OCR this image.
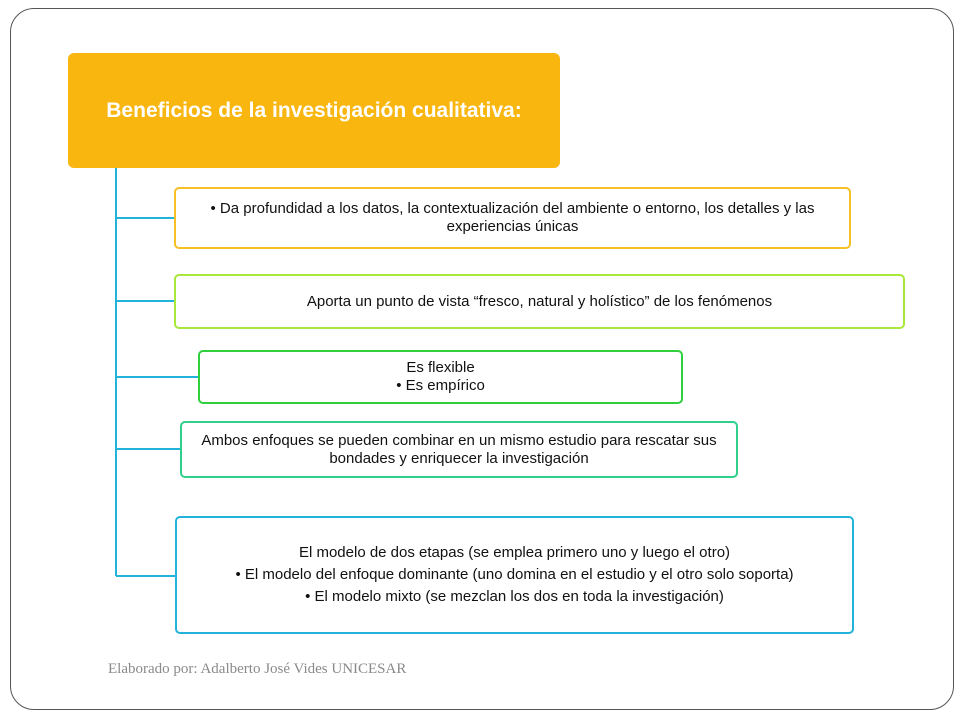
Beneficios de la investigación cualitativa:
• Da profundidad a los datos, la contextualización del ambiente o entorno, los detalles y las experiencias únicas
Aporta un punto de vista “fresco, natural y holístico” de los fenómenos
Es flexible
• Es empírico
Ambos enfoques se pueden combinar en un mismo estudio para rescatar sus bondades y enriquecer la investigación
El modelo de dos etapas (se emplea primero uno y luego el otro)
• El modelo del enfoque dominante (uno domina en el estudio y el otro solo soporta)
• El modelo mixto (se mezclan los dos en toda la investigación)
Elaborado por: Adalberto José Vides UNICESAR
